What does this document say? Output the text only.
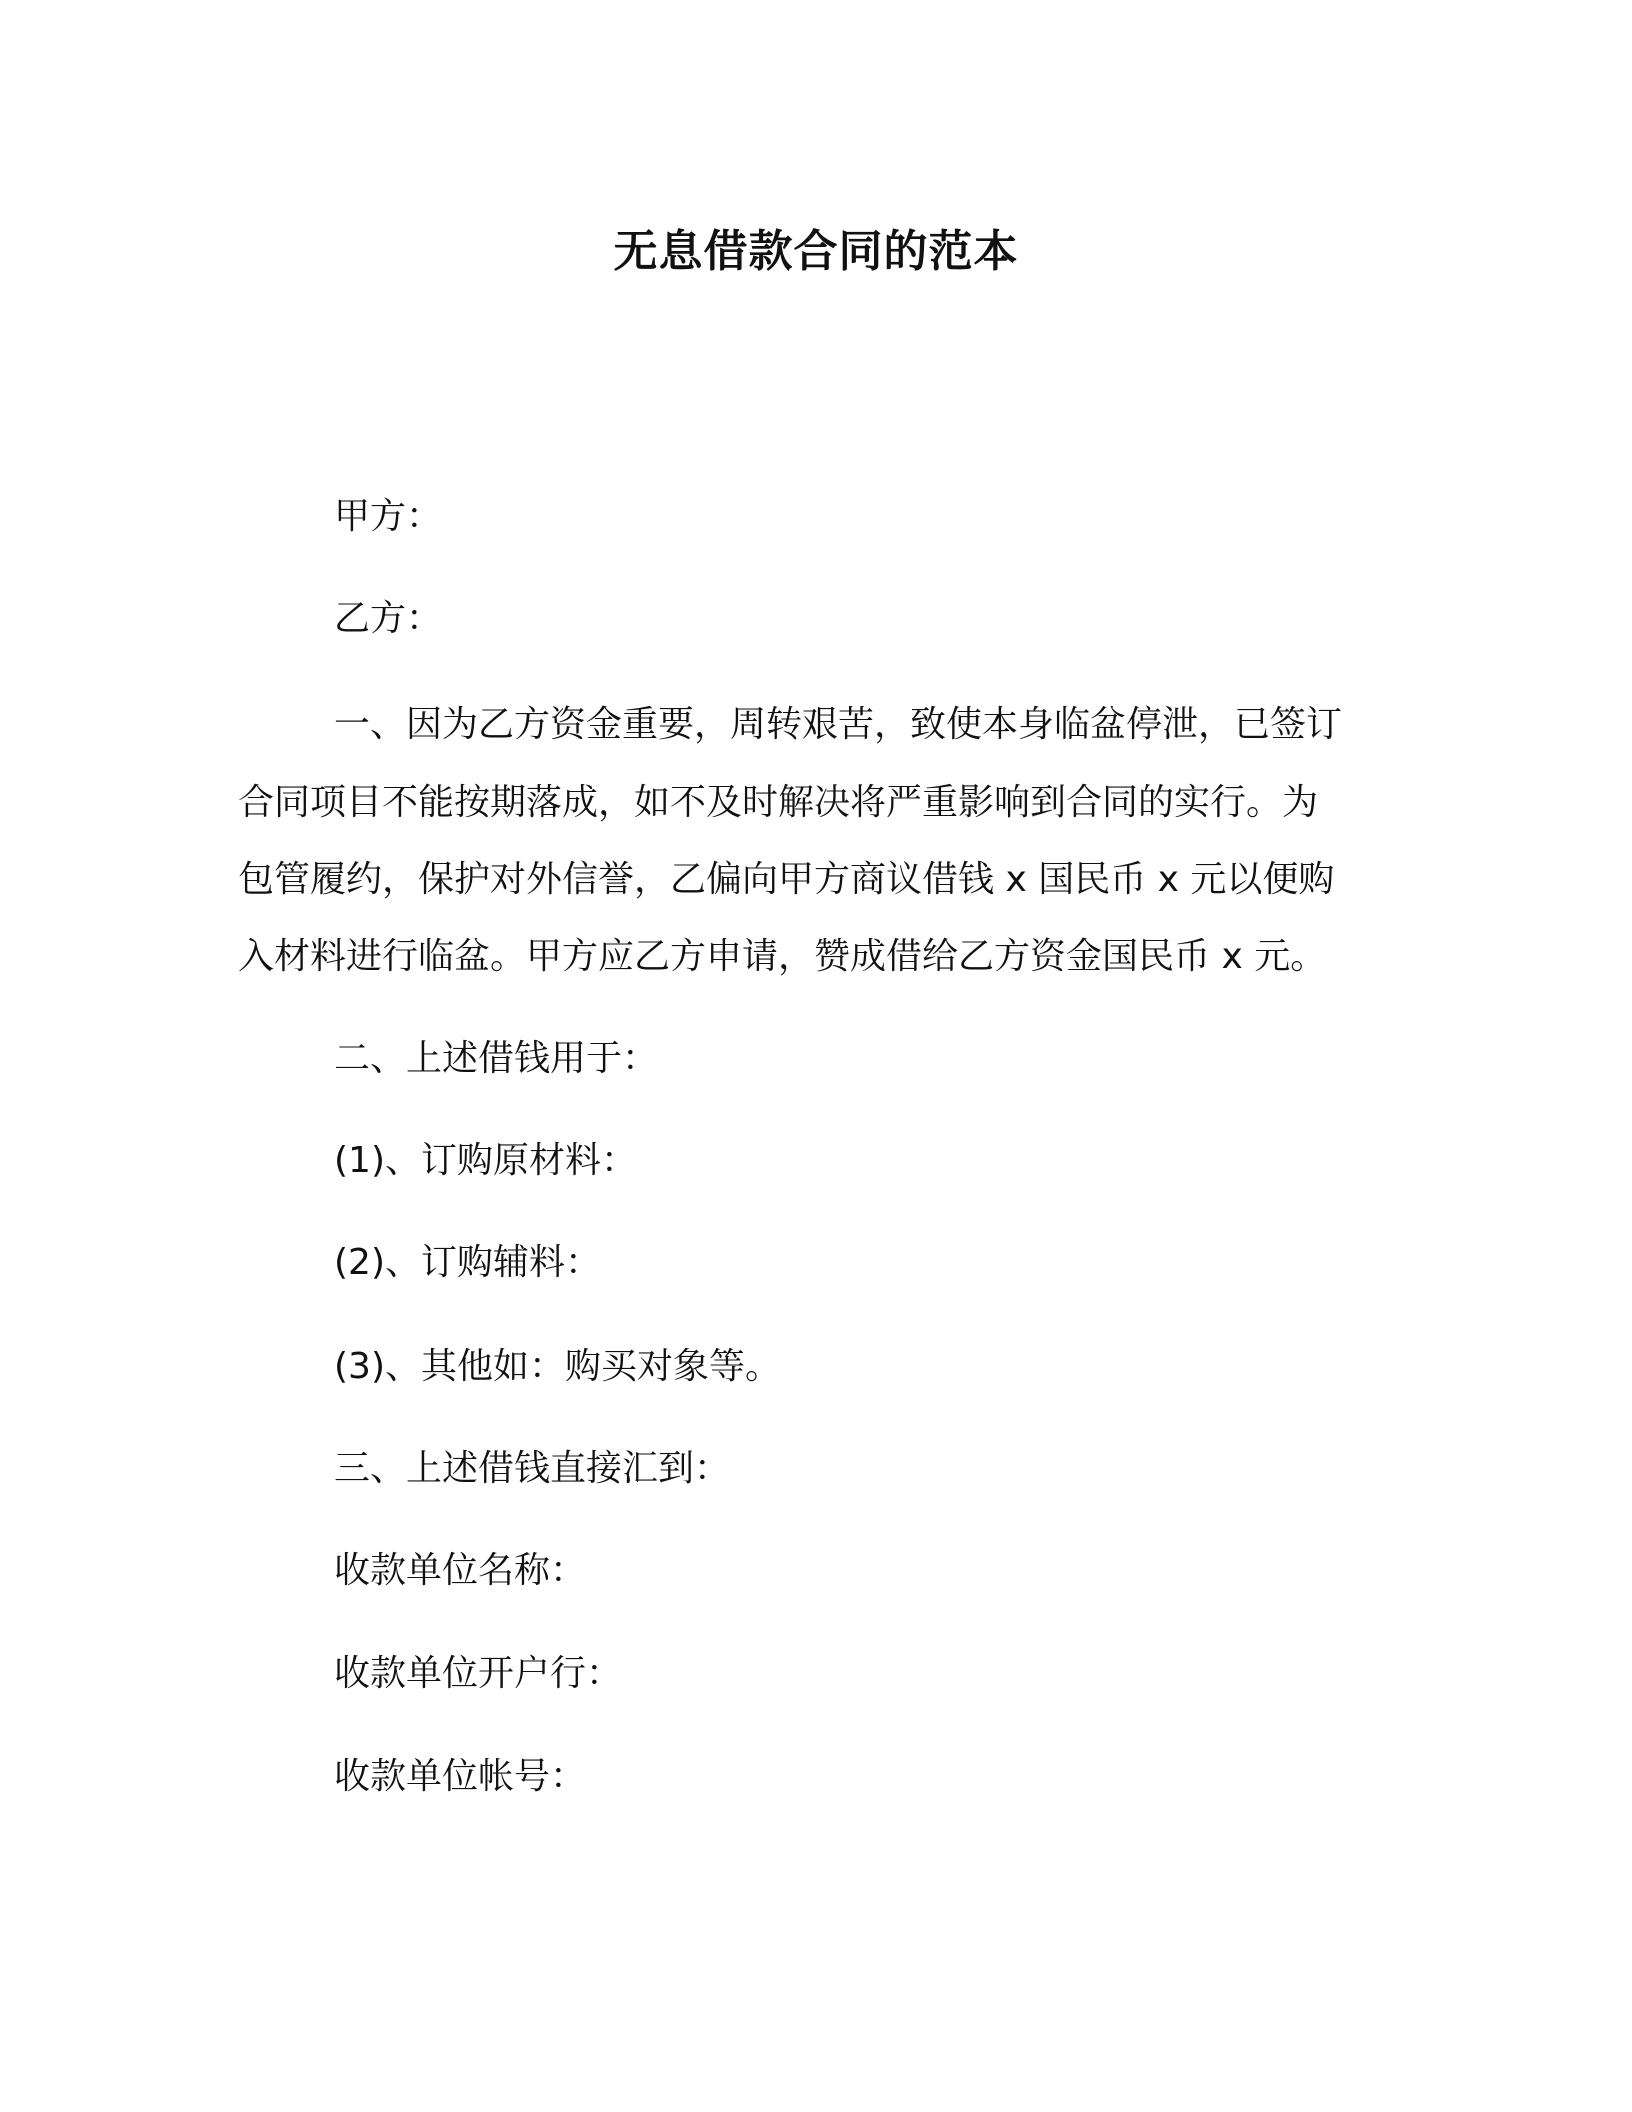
无息借款合同的范本
甲方：
乙方：
一、因为乙方资金重要，周转艰苦，致使本身临盆停泄，已签订
合同项目不能按期落成，如不及时解决将严重影响到合同的实行。为
包管履约，保护对外信誉，乙偏向甲方商议借钱 x 国民币 x 元以便购
入材料进行临盆。甲方应乙方申请，赞成借给乙方资金国民币 x 元。
二、上述借钱用于：
(1)、订购原材料：
(2)、订购辅料：
(3)、其他如：购买对象等。
三、上述借钱直接汇到：
收款单位名称：
收款单位开户行：
收款单位帐号：
